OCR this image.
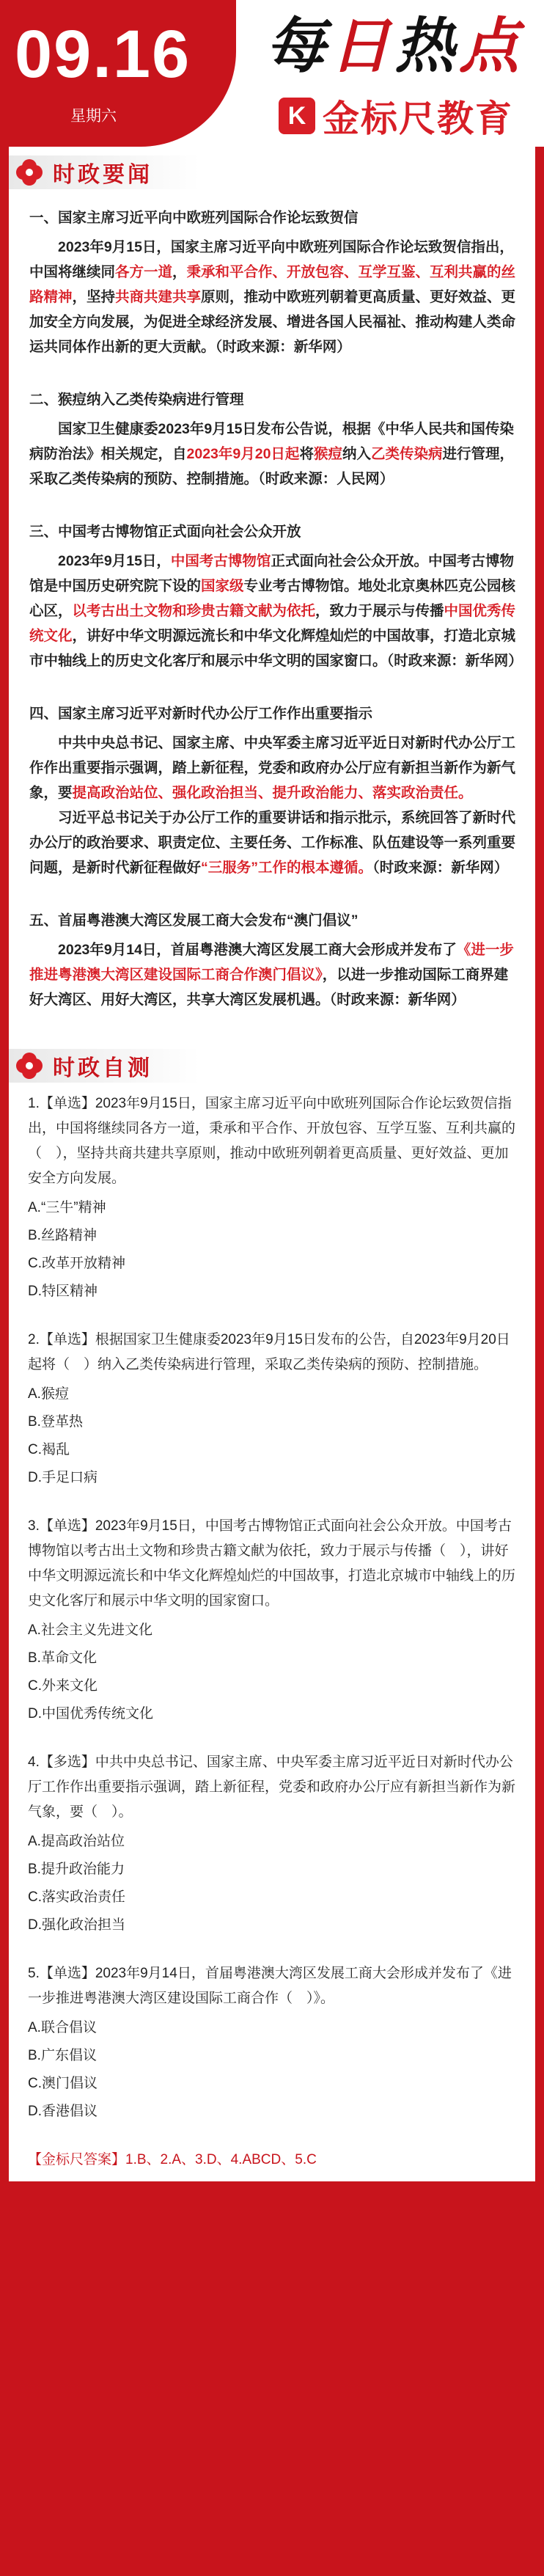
09.16
星期六
每日热点
K 金标尺教育
时政要闻

一、国家主席习近平向中欧班列国际合作论坛致贺信

2023年9月15日，国家主席习近平向中欧班列国际合作论坛致贺信指出，中国将继续同各方一道，秉承和平合作、开放包容、互学互鉴、互利共赢的丝路精神，坚持共商共建共享原则，推动中欧班列朝着更高质量、更好效益、更加安全方向发展，为促进全球经济发展、增进各国人民福祉、推动构建人类命运共同体作出新的更大贡献。（时政来源：新华网）

二、猴痘纳入乙类传染病进行管理

国家卫生健康委2023年9月15日发布公告说，根据《中华人民共和国传染病防治法》相关规定，自2023年9月20日起将猴痘纳入乙类传染病进行管理，采取乙类传染病的预防、控制措施。（时政来源：人民网）

三、中国考古博物馆正式面向社会公众开放

2023年9月15日，中国考古博物馆正式面向社会公众开放。中国考古博物馆是中国历史研究院下设的国家级专业考古博物馆。地处北京奥林匹克公园核心区，以考古出土文物和珍贵古籍文献为依托，致力于展示与传播中国优秀传统文化，讲好中华文明源远流长和中华文化辉煌灿烂的中国故事，打造北京城市中轴线上的历史文化客厅和展示中华文明的国家窗口。（时政来源：新华网）

四、国家主席习近平对新时代办公厅工作作出重要指示

中共中央总书记、国家主席、中央军委主席习近平近日对新时代办公厅工作作出重要指示强调，踏上新征程，党委和政府办公厅应有新担当新作为新气象，要提高政治站位、强化政治担当、提升政治能力、落实政治责任。

习近平总书记关于办公厅工作的重要讲话和指示批示，系统回答了新时代办公厅的政治要求、职责定位、主要任务、工作标准、队伍建设等一系列重要问题，是新时代新征程做好“三服务”工作的根本遵循。（时政来源：新华网）

五、首届粤港澳大湾区发展工商大会发布“澳门倡议”

2023年9月14日，首届粤港澳大湾区发展工商大会形成并发布了《进一步推进粤港澳大湾区建设国际工商合作澳门倡议》，以进一步推动国际工商界建好大湾区、用好大湾区，共享大湾区发展机遇。（时政来源：新华网）

时政自测

1.【单选】2023年9月15日，国家主席习近平向中欧班列国际合作论坛致贺信指出，中国将继续同各方一道，秉承和平合作、开放包容、互学互鉴、互利共赢的（　），坚持共商共建共享原则，推动中欧班列朝着更高质量、更好效益、更加安全方向发展。

A.“三牛”精神

B.丝路精神

C.改革开放精神

D.特区精神

2.【单选】根据国家卫生健康委2023年9月15日发布的公告，自2023年9月20日起将（　）纳入乙类传染病进行管理，采取乙类传染病的预防、控制措施。

A.猴痘

B.登革热

C.褐乱

D.手足口病

3.【单选】2023年9月15日，中国考古博物馆正式面向社会公众开放。中国考古博物馆以考古出土文物和珍贵古籍文献为依托，致力于展示与传播（　），讲好中华文明源远流长和中华文化辉煌灿烂的中国故事，打造北京城市中轴线上的历史文化客厅和展示中华文明的国家窗口。

A.社会主义先进文化

B.革命文化

C.外来文化

D.中国优秀传统文化

4.【多选】中共中央总书记、国家主席、中央军委主席习近平近日对新时代办公厅工作作出重要指示强调，踏上新征程，党委和政府办公厅应有新担当新作为新气象，要（　）。

A.提高政治站位

B.提升政治能力

C.落实政治责任

D.强化政治担当

5.【单选】2023年9月14日，首届粤港澳大湾区发展工商大会形成并发布了《进一步推进粤港澳大湾区建设国际工商合作（　）》。

A.联合倡议

B.广东倡议

C.澳门倡议

D.香港倡议

【金标尺答案】1.B、2.A、3.D、4.ABCD、5.C
